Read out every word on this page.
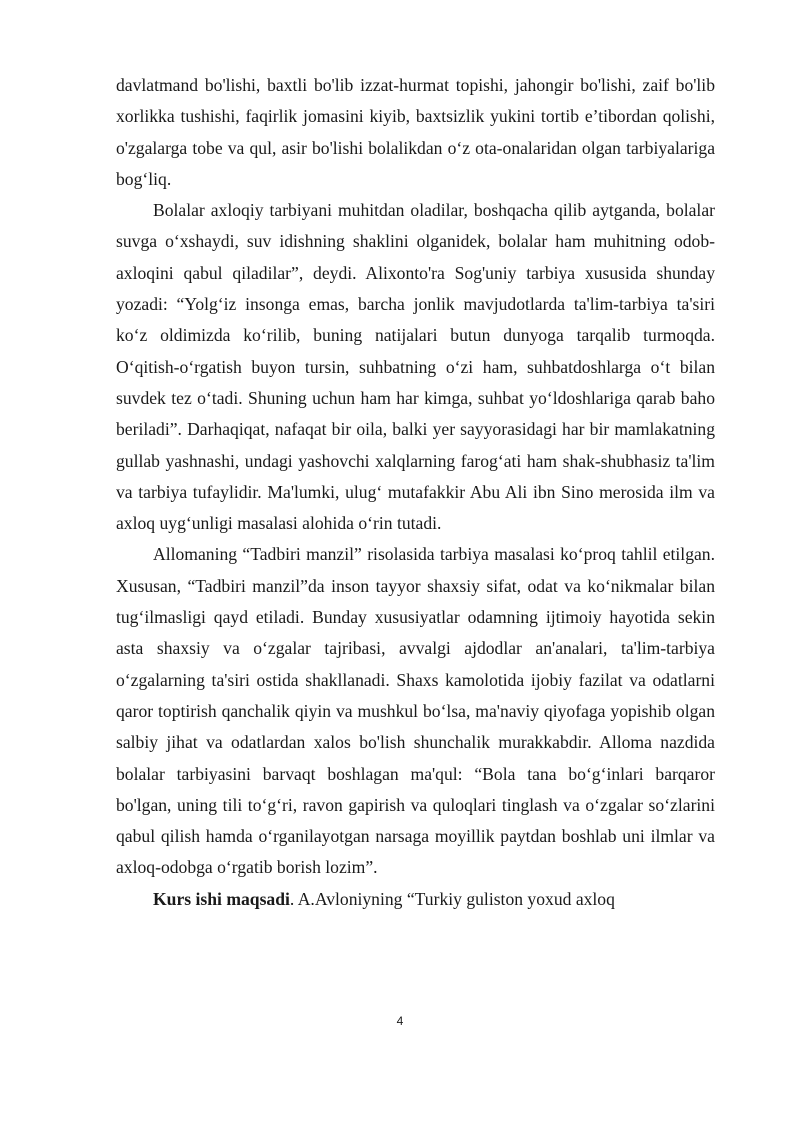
davlatmand bo'lishi, baxtli bo'lib izzat-hurmat topishi, jahongir bo'lishi, zaif bo'lib xorlikka tushishi, faqirlik jomasini kiyib, baxtsizlik yukini tortib e’tibordan qolishi, o'zgalarga tobe va qul, asir bo'lishi bolalikdan o‘z ota-onalaridan olgan tarbiyalariga bog‘liq.

Bolalar axloqiy tarbiyani muhitdan oladilar, boshqacha qilib aytganda, bolalar suvga o‘xshaydi, suv idishning shaklini olganidek, bolalar ham muhitning odob-axloqini qabul qiladilar”, deydi. Alixonto'ra Sog'uniy tarbiya xususida shunday yozadi: “Yolg‘iz insonga emas, barcha jonlik mavjudotlarda ta'lim-tarbiya ta'siri ko‘z oldimizda ko‘rilib, buning natijalari butun dunyoga tarqalib turmoqda. O‘qitish-o‘rgatish buyon tursin, suhbatning o‘zi ham, suhbatdoshlarga o‘t bilan suvdek tez o‘tadi. Shuning uchun ham har kimga, suhbat yo‘ldoshlariga qarab baho beriladi”. Darhaqiqat, nafaqat bir oila, balki yer sayyorasidagi har bir mamlakatning gullab yashnashi, undagi yashovchi xalqlarning farog‘ati ham shak-shubhasiz ta'lim va tarbiya tufaylidir. Ma'lumki, ulug‘ mutafakkir Abu Ali ibn Sino merosida ilm va axloq uyg‘unligi masalasi alohida o‘rin tutadi.

Allomaning “Tadbiri manzil” risolasida tarbiya masalasi ko‘proq tahlil etilgan. Xususan, “Tadbiri manzil”da inson tayyor shaxsiy sifat, odat va ko‘nikmalar bilan tug‘ilmasligi qayd etiladi. Bunday xususiyatlar odamning ijtimoiy hayotida sekin asta shaxsiy va o‘zgalar tajribasi, avvalgi ajdodlar an'analari, ta'lim-tarbiya o‘zgalarning ta'siri ostida shakllanadi. Shaxs kamolotida ijobiy fazilat va odatlarni qaror toptirish qanchalik qiyin va mushkul bo‘lsa, ma'naviy qiyofaga yopishib olgan salbiy jihat va odatlardan xalos bo'lish shunchalik murakkabdir. Alloma nazdida bolalar tarbiyasini barvaqt boshlagan ma'qul: “Bola tana bo‘g‘inlari barqaror bo'lgan, uning tili to‘g‘ri, ravon gapirish va quloqlari tinglash va o‘zgalar so‘zlarini qabul qilish hamda o‘rganilayotgan narsaga moyillik paytdan boshlab uni ilmlar va axloq-odobga o‘rgatib borish lozim”.

Kurs ishi maqsadi. A.Avloniyning “Turkiy guliston yoxud axloq

4
